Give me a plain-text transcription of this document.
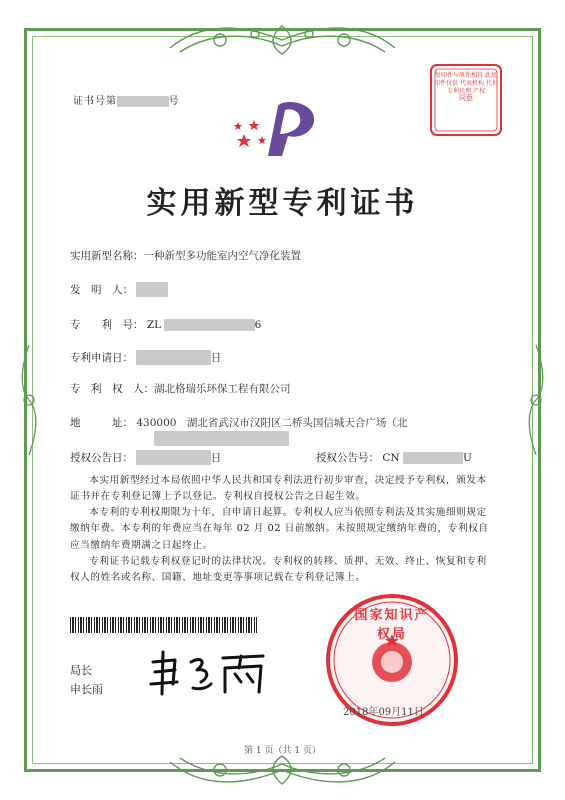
证书号第	号	同意
复印件与原件相符 此复印件仅供 代表机构 代扣专利代理 产权
实用新型专利证书
实用新型名称：一种新型多功能室内空气净化装置
发　明　人：
专　　利　号： ZL	6
专利申请日：	日
专　利　权　人：湖北格瑞乐环保工程有限公司
地　　　址： 430000　湖北省武汉市汉阳区二桥头国信城天合广场（北
授权公告日：	日	授权公告号： CN	U
本实用新型经过本局依照中华人民共和国专利法进行初步审查，决定授予专利权，颁发本证书并在专利登记簿上予以登记。专利权自授权公告之日起生效。
本专利的专利权期限为十年，自申请日起算。专利权人应当依照专利法及其实施细则规定缴纳年费。本专利的年费应当在每年 02 月 02 日前缴纳。未按照规定缴纳年费的，专利权自应当缴纳年费期满之日起终止。
专利证书记载专利权登记时的法律状况。专利权的转移、质押、无效、终止、恢复和专利权人的姓名或名称、国籍、地址变更等事项记载在专利登记簿上。
局长
申长雨
国家知识产权局
2018年09月11日
第 1 页（共 1 页）
